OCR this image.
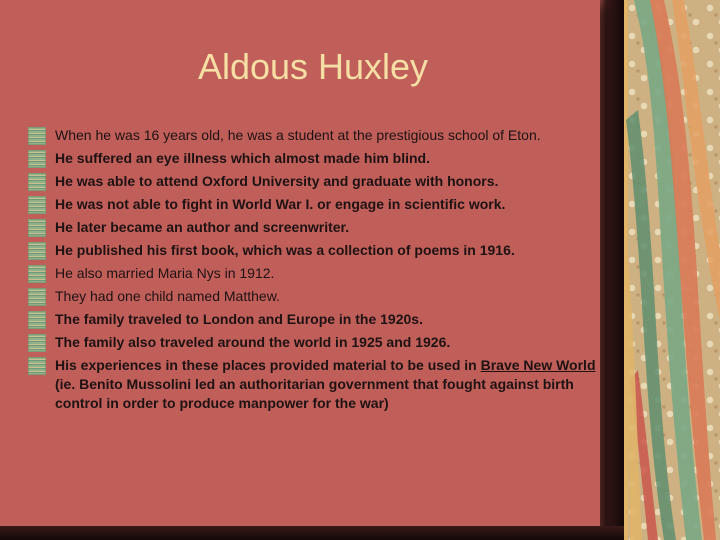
Aldous Huxley
When he was 16 years old, he was a student at the prestigious school of Eton.
He suffered an eye illness which almost made him blind.
He was able to attend Oxford University and graduate with honors.
He was not able to fight in World War I. or engage in scientific work.
He later became an author and screenwriter.
He published his first book, which was a collection of poems in 1916.
He also married Maria Nys in 1912.
They had one child named Matthew.
The family traveled to London and Europe in the 1920s.
The family also traveled around the world in 1925 and 1926.
His experiences in these places provided material to be used in Brave New World (ie. Benito Mussolini led an authoritarian government that fought against birth control in order to produce manpower for the war)
